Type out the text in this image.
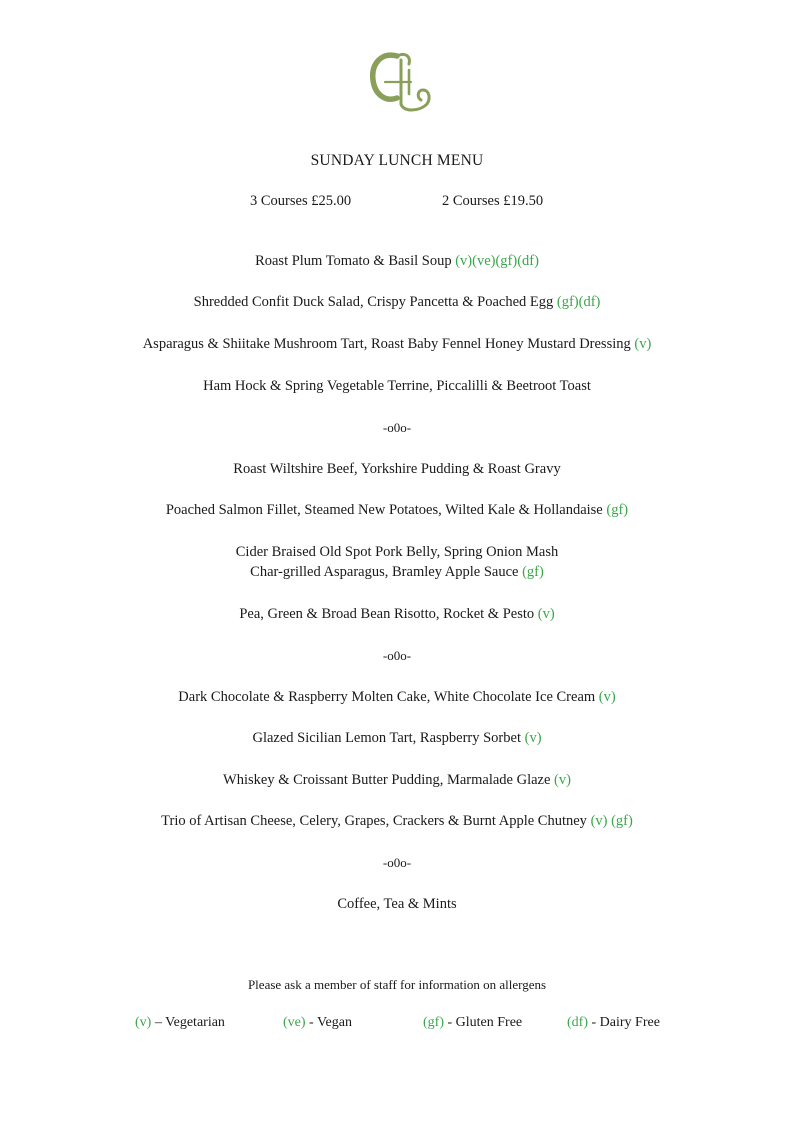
SUNDAY LUNCH MENU
3 Courses £25.00	2 Courses £19.50
Roast Plum Tomato & Basil Soup (v)(ve)(gf)(df)
Shredded Confit Duck Salad, Crispy Pancetta & Poached Egg (gf)(df)
Asparagus & Shiitake Mushroom Tart, Roast Baby Fennel Honey Mustard Dressing (v)
Ham Hock & Spring Vegetable Terrine, Piccalilli & Beetroot Toast
-o0o-
Roast Wiltshire Beef, Yorkshire Pudding & Roast Gravy
Poached Salmon Fillet, Steamed New Potatoes, Wilted Kale & Hollandaise (gf)
Cider Braised Old Spot Pork Belly, Spring Onion Mash
Char-grilled Asparagus, Bramley Apple Sauce (gf)
Pea, Green & Broad Bean Risotto, Rocket & Pesto (v)
-o0o-
Dark Chocolate & Raspberry Molten Cake, White Chocolate Ice Cream (v)
Glazed Sicilian Lemon Tart, Raspberry Sorbet (v)
Whiskey & Croissant Butter Pudding, Marmalade Glaze (v)
Trio of Artisan Cheese, Celery, Grapes, Crackers & Burnt Apple Chutney (v) (gf)
-o0o-
Coffee, Tea & Mints
Please ask a member of staff for information on allergens
(v) – Vegetarian	(ve) - Vegan	(gf) - Gluten Free	(df) - Dairy Free
